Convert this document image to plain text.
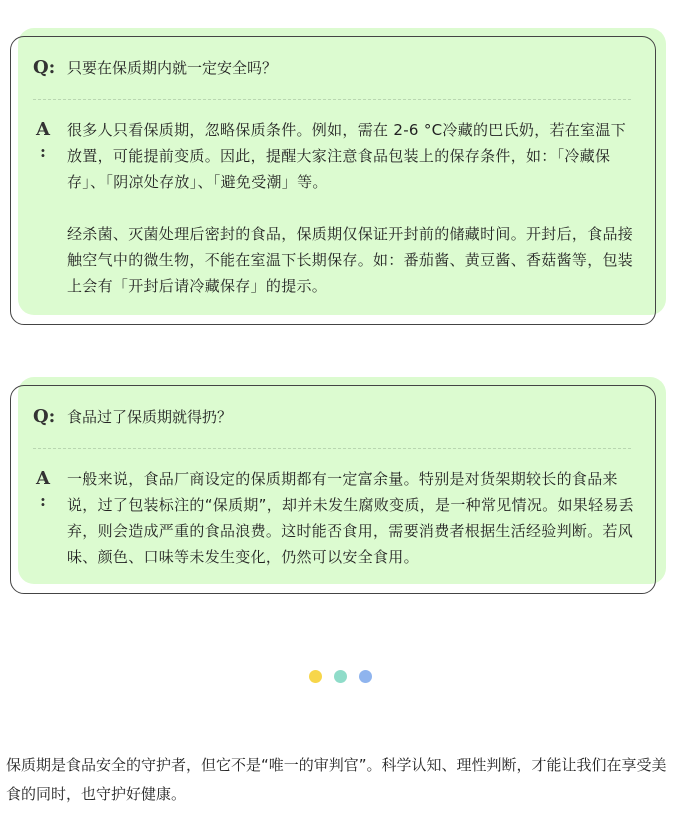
Q: 只要在保质期内就一定安全吗？
A
:

很多人只看保质期，忽略保质条件。例如，需在 2-6 °C冷藏的巴氏奶，若在室温下放置，可能提前变质。因此，提醒大家注意食品包装上的保存条件，如：「冷藏保存」、「阴凉处存放」、「避免受潮」等。

经杀菌、灭菌处理后密封的食品，保质期仅保证开封前的储藏时间。开封后，食品接触空气中的微生物，不能在室温下长期保存。如：番茄酱、黄豆酱、香菇酱等，包装上会有「开封后请冷藏保存」的提示。

Q: 食品过了保质期就得扔？
A
:

一般来说，食品厂商设定的保质期都有一定富余量。特别是对货架期较长的食品来说，过了包装标注的“保质期”，却并未发生腐败变质，是一种常见情况。如果轻易丢弃，则会造成严重的食品浪费。这时能否食用，需要消费者根据生活经验判断。若风味、颜色、口味等未发生变化，仍然可以安全食用。

保质期是食品安全的守护者，但它不是“唯一的审判官”。科学认知、理性判断，才能让我们在享受美食的同时，也守护好健康。
